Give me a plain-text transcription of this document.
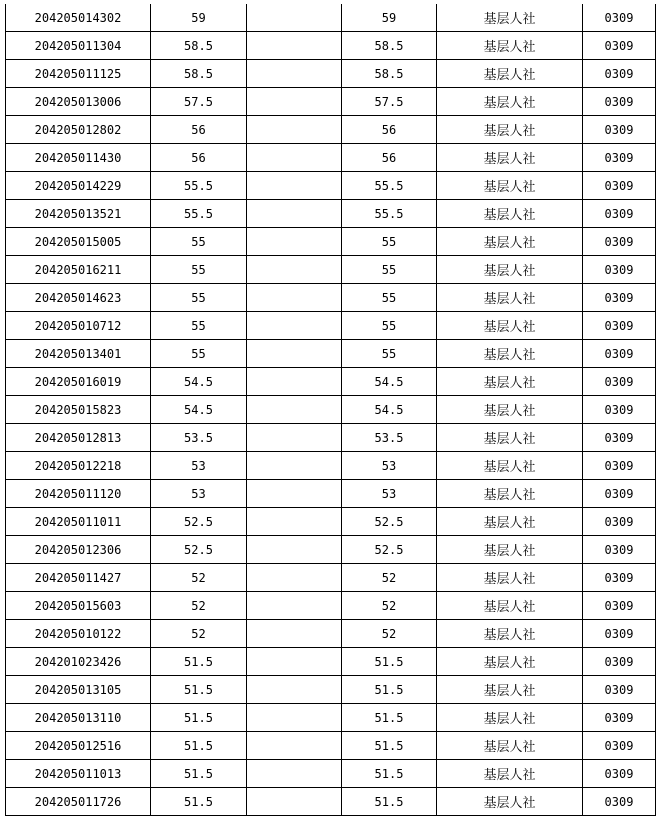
204205014302	59		59	基层人社	0309
204205011304	58.5		58.5	基层人社	0309
204205011125	58.5		58.5	基层人社	0309
204205013006	57.5		57.5	基层人社	0309
204205012802	56		56	基层人社	0309
204205011430	56		56	基层人社	0309
204205014229	55.5		55.5	基层人社	0309
204205013521	55.5		55.5	基层人社	0309
204205015005	55		55	基层人社	0309
204205016211	55		55	基层人社	0309
204205014623	55		55	基层人社	0309
204205010712	55		55	基层人社	0309
204205013401	55		55	基层人社	0309
204205016019	54.5		54.5	基层人社	0309
204205015823	54.5		54.5	基层人社	0309
204205012813	53.5		53.5	基层人社	0309
204205012218	53		53	基层人社	0309
204205011120	53		53	基层人社	0309
204205011011	52.5		52.5	基层人社	0309
204205012306	52.5		52.5	基层人社	0309
204205011427	52		52	基层人社	0309
204205015603	52		52	基层人社	0309
204205010122	52		52	基层人社	0309
204201023426	51.5		51.5	基层人社	0309
204205013105	51.5		51.5	基层人社	0309
204205013110	51.5		51.5	基层人社	0309
204205012516	51.5		51.5	基层人社	0309
204205011013	51.5		51.5	基层人社	0309
204205011726	51.5		51.5	基层人社	0309
